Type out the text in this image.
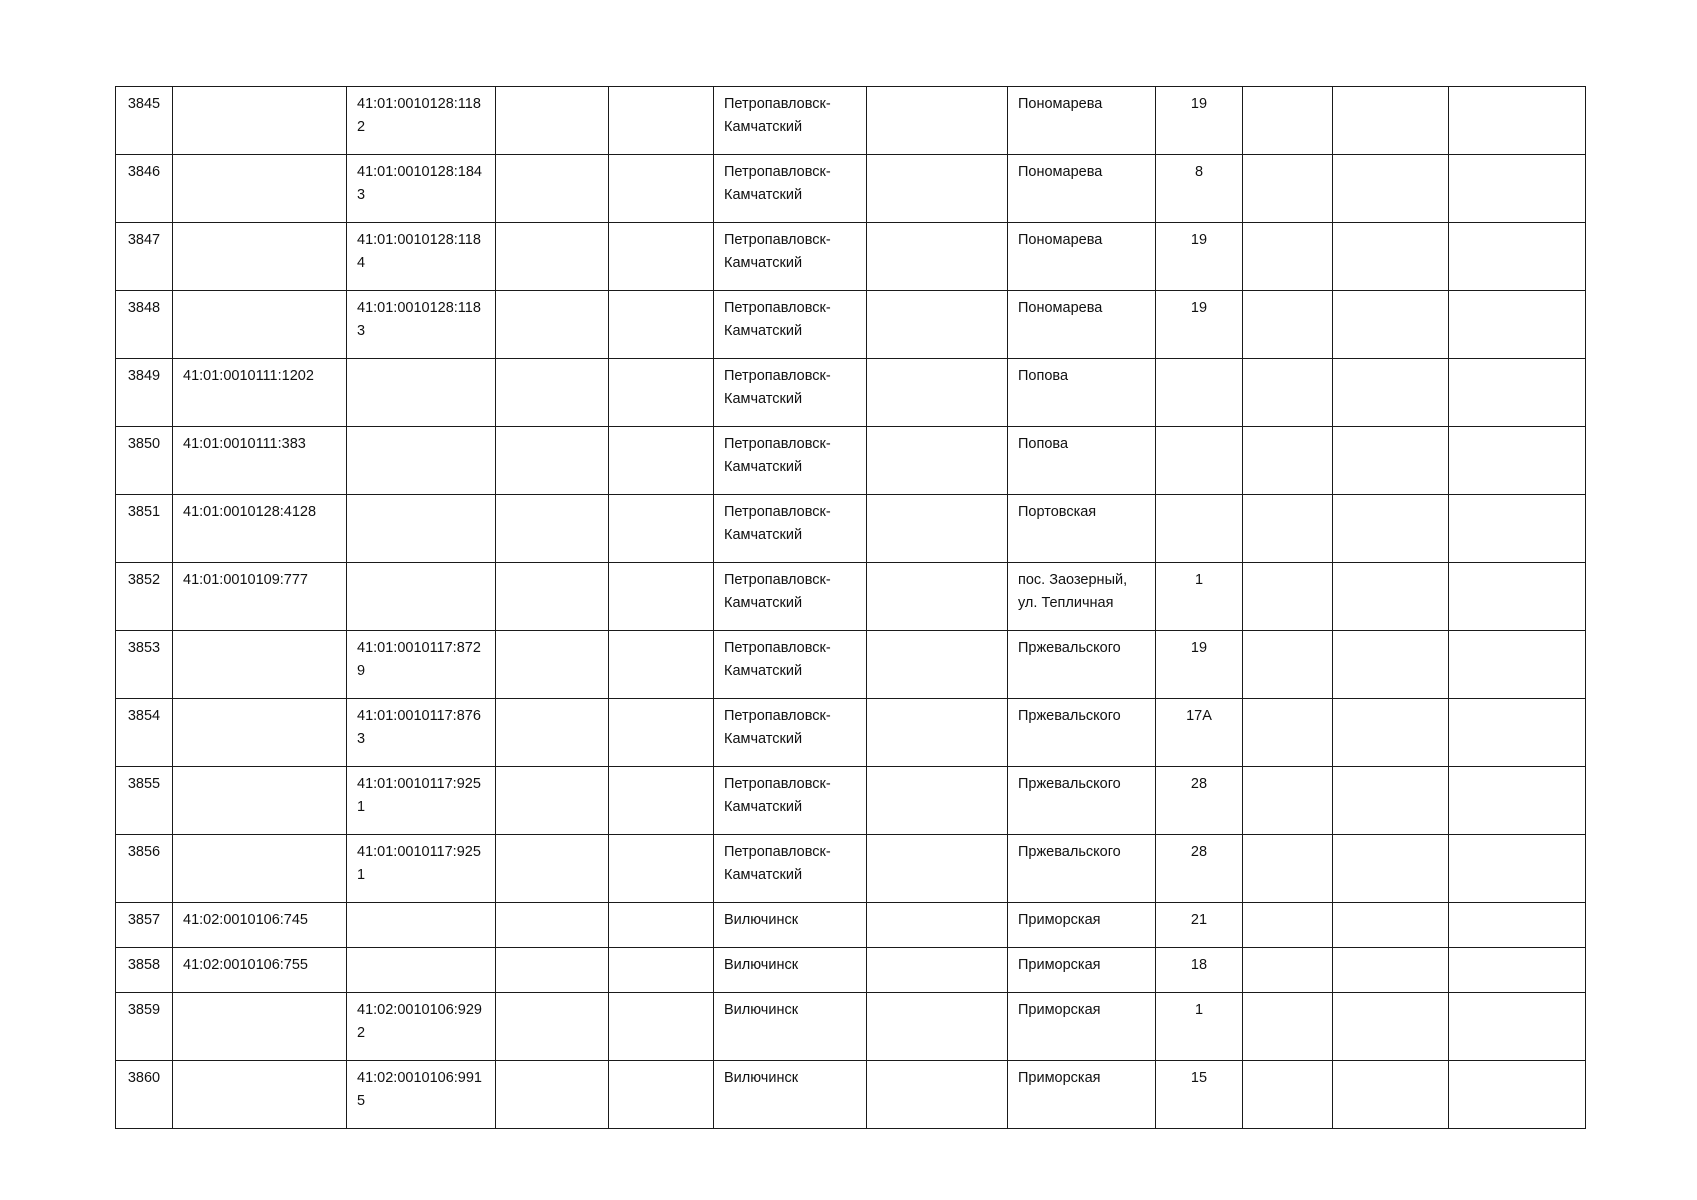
3845		41:01:0010128:1182			Петропавловск-Камчатский		Пономарева	19			
3846		41:01:0010128:1843			Петропавловск-Камчатский		Пономарева	8			
3847		41:01:0010128:1184			Петропавловск-Камчатский		Пономарева	19			
3848		41:01:0010128:1183			Петропавловск-Камчатский		Пономарева	19			
3849	41:01:0010111:1202				Петропавловск-Камчатский		Попова				
3850	41:01:0010111:383				Петропавловск-Камчатский		Попова				
3851	41:01:0010128:4128				Петропавловск-Камчатский		Портовская				
3852	41:01:0010109:777				Петропавловск-Камчатский		пос. Заозерный, ул. Тепличная	1			
3853		41:01:0010117:8729			Петропавловск-Камчатский		Пржевальского	19			
3854		41:01:0010117:8763			Петропавловск-Камчатский		Пржевальского	17А			
3855		41:01:0010117:9251			Петропавловск-Камчатский		Пржевальского	28			
3856		41:01:0010117:9251			Петропавловск-Камчатский		Пржевальского	28			
3857	41:02:0010106:745				Вилючинск		Приморская	21			
3858	41:02:0010106:755				Вилючинск		Приморская	18			
3859		41:02:0010106:9292			Вилючинск		Приморская	1			
3860		41:02:0010106:9915			Вилючинск		Приморская	15			
